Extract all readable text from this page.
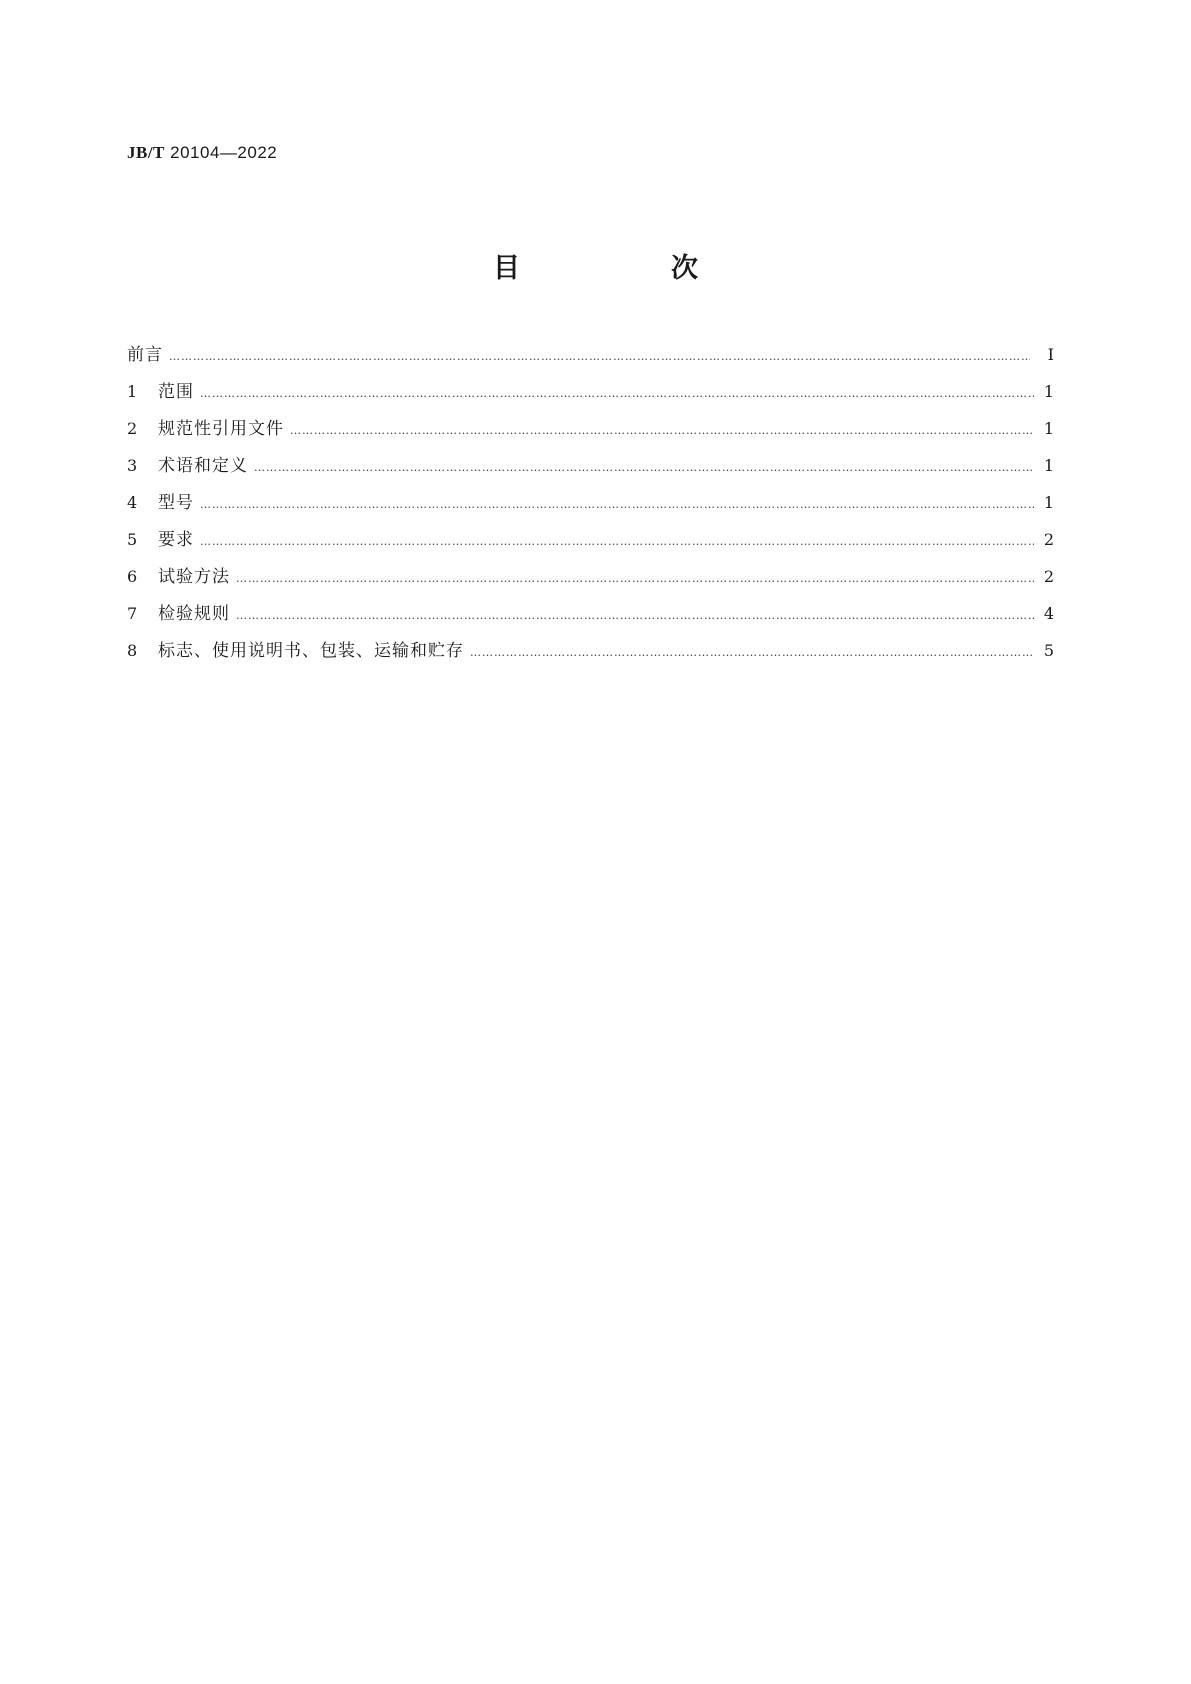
JB/T 20104—2022
目　次
前言 ……………………………………………………………………………………………………………………………………………………………………………………………………………………………………………	Ⅰ
1	范围 ……………………………………………………………………………………………………………………………………………………………………………………………………………………………………………	1
2	规范性引用文件 ……………………………………………………………………………………………………………………………………………………………………………………………………………………………………………	1
3	术语和定义 ……………………………………………………………………………………………………………………………………………………………………………………………………………………………………………	1
4	型号 ……………………………………………………………………………………………………………………………………………………………………………………………………………………………………………	1
5	要求 ……………………………………………………………………………………………………………………………………………………………………………………………………………………………………………	2
6	试验方法 ……………………………………………………………………………………………………………………………………………………………………………………………………………………………………………	2
7	检验规则 ……………………………………………………………………………………………………………………………………………………………………………………………………………………………………………	4
8	标志、使用说明书、包装、运输和贮存 ……………………………………………………………………………………………………………………………………………………………………………………………………………………………………………	5
